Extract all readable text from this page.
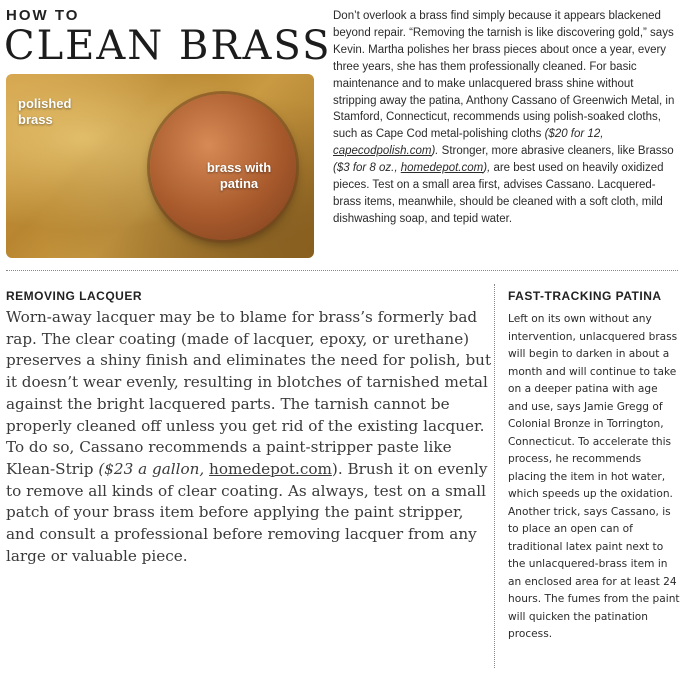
HOW TO
CLEAN BRASS
polished
brass
brass with
patina
Don’t overlook a brass find simply because it appears blackened beyond repair. “Removing the tarnish is like discovering gold,” says Kevin. Martha polishes her brass pieces about once a year, every three years, she has them professionally cleaned. For basic maintenance and to make unlacquered brass shine without stripping away the patina, Anthony Cassano of Greenwich Metal, in Stamford, Connecticut, recommends using polish-soaked cloths, such as Cape Cod metal-polishing cloths ($20 for 12, capecodpolish.com). Stronger, more abrasive cleaners, like Brasso ($3 for 8 oz., homedepot.com), are best used on heavily oxidized pieces. Test on a small area first, advises Cassano. Lacquered-brass items, meanwhile, should be cleaned with a soft cloth, mild dishwashing soap, and tepid water.
REMOVING LACQUER
Worn-away lacquer may be to blame for brass’s formerly bad rap. The clear coating (made of lacquer, epoxy, or urethane) preserves a shiny finish and eliminates the need for polish, but it doesn’t wear evenly, resulting in blotches of tarnished metal against the bright lacquered parts. The tarnish cannot be properly cleaned off unless you get rid of the existing lacquer. To do so, Cassano recommends a paint-stripper paste like Klean-Strip ($23 a gallon, homedepot.com). Brush it on evenly to remove all kinds of clear coating. As always, test on a small patch of your brass item before applying the paint stripper, and consult a professional before removing lacquer from any large or valuable piece.
FAST-TRACKING PATINA
Left on its own without any intervention, unlacquered brass will begin to darken in about a month and will continue to take on a deeper patina with age and use, says Jamie Gregg of Colonial Bronze in Torrington, Connecticut. To accelerate this process, he recommends placing the item in hot water, which speeds up the oxidation. Another trick, says Cassano, is to place an open can of traditional latex paint next to the unlacquered-brass item in an enclosed area for at least 24 hours. The fumes from the paint will quicken the patination process.
